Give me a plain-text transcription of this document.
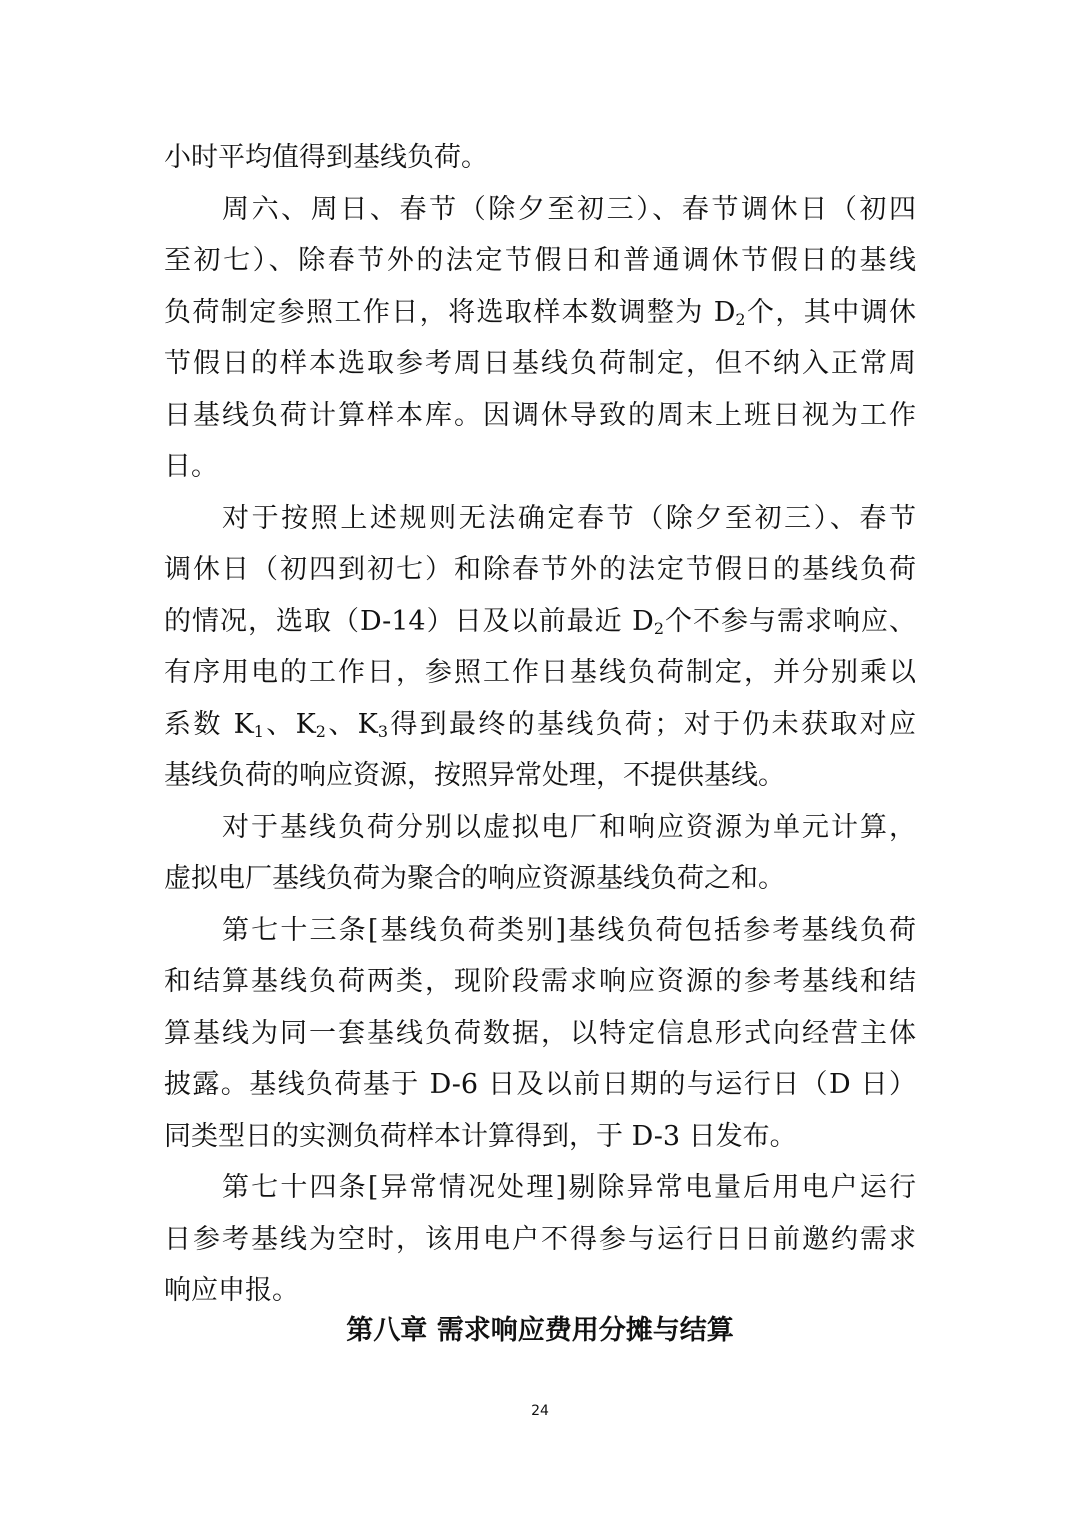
小时平均值得到基线负荷。
周六、周日、春节（除夕至初三）、春节调休日（初四
至初七）、除春节外的法定节假日和普通调休节假日的基线
负荷制定参照工作日，将选取样本数调整为 $D_2$个，其中调休
节假日的样本选取参考周日基线负荷制定，但不纳入正常周
日基线负荷计算样本库。因调休导致的周末上班日视为工作
日。
对于按照上述规则无法确定春节（除夕至初三）、春节
调休日（初四到初七）和除春节外的法定节假日的基线负荷
的情况，选取（D-14）日及以前最近 $D_2$个不参与需求响应、
有序用电的工作日，参照工作日基线负荷制定，并分别乘以
系数 $K_1$、$K_2$、$K_3$得到最终的基线负荷；对于仍未获取对应
基线负荷的响应资源，按照异常处理，不提供基线。
对于基线负荷分别以虚拟电厂和响应资源为单元计算，
虚拟电厂基线负荷为聚合的响应资源基线负荷之和。
第七十三条[基线负荷类别]基线负荷包括参考基线负荷
和结算基线负荷两类，现阶段需求响应资源的参考基线和结
算基线为同一套基线负荷数据，以特定信息形式向经营主体
披露。基线负荷基于 D-6 日及以前日期的与运行日（D 日）
同类型日的实测负荷样本计算得到，于 D-3 日发布。
第七十四条[异常情况处理]剔除异常电量后用电户运行
日参考基线为空时，该用电户不得参与运行日日前邀约需求
响应申报。
第八章 需求响应费用分摊与结算
24
